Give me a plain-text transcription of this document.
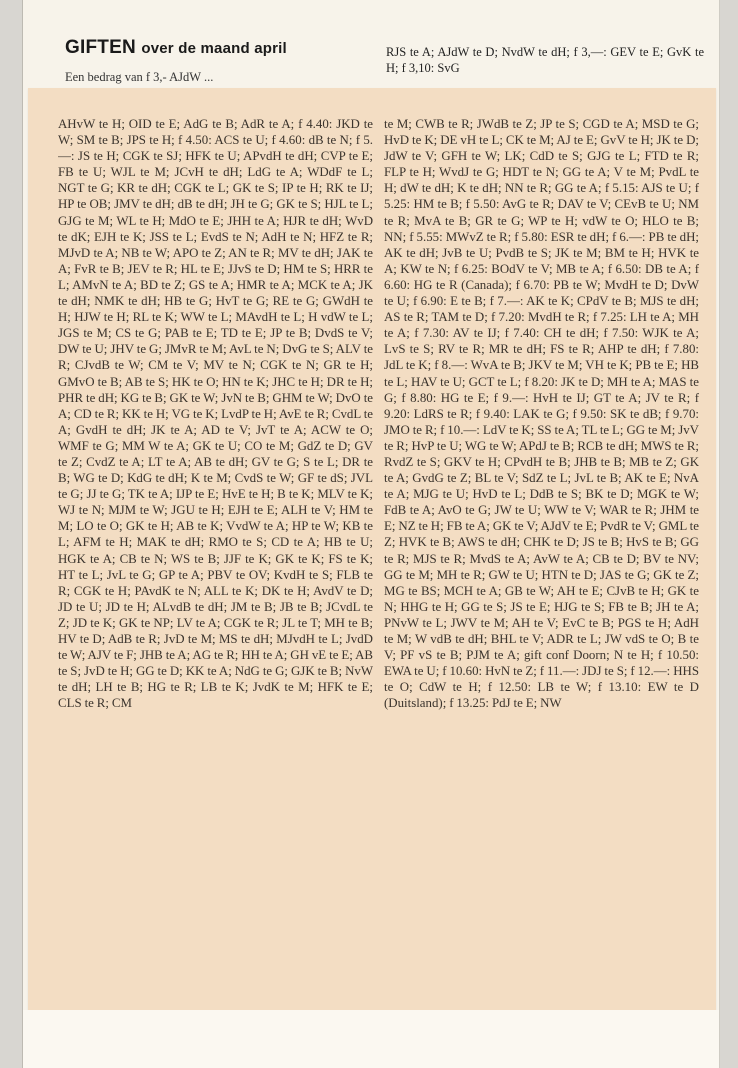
GIFTEN over de maand april
Een bedrag van f 3,- AJdW ...
RJS te A; AJdW te D; NvdW te dH; f 3,—: GEV te E; GvK te H; f 3,10: SvG

AHvW te H; OID te E; AdG te B; AdR te A; f 4.40: JKD te W; SM te B; JPS te H; f 4.50: ACS te U; f 4.60: dB te N; f 5.—: JS te H; CGK te SJ; HFK te U; APvdH te dH; CVP te E; FB te U; WJL te M; JCvH te dH; LdG te A; WDdF te L; NGT te G; KR te dH; CGK te L; GK te S; IP te H; RK te IJ; HP te OB; JMV te dH; dB te dH; JH te G; GK te S; HJL te L; GJG te M; WL te H; MdO te E; JHH te A; HJR te dH; WvD te dK; EJH te K; JSS te L; EvdS te N; AdH te N; HFZ te R; MJvD te A; NB te W; APO te Z; AN te R; MV te dH; JAK te A; FvR te B; JEV te R; HL te E; JJvS te D; HM te S; HRR te L; AMvN te A; BD te Z; GS te A; HMR te A; MCK te A; JK te dH; NMK te dH; HB te G; HvT te G; RE te G; GWdH te H; HJW te H; RL te K; WW te L; MAvdH te L; H vdW te L; JGS te M; CS te G; PAB te E; TD te E; JP te B; DvdS te V; DW te U; JHV te G; JMvR te M; AvL te N; DvG te S; ALV te R; CJvdB te W; CM te V; MV te N; CGK te N; GR te H; GMvO te B; AB te S; HK te O; HN te K; JHC te H; DR te H; PHR te dH; KG te B; GK te W; JvN te B; GHM te W; DvO te A; CD te R; KK te H; VG te K; LvdP te H; AvE te R; CvdL te A; GvdH te dH; JK te A; AD te V; JvT te A; ACW te O; WMF te G; MM W te A; GK te U; CO te M; GdZ te D; GV te Z; CvdZ te A; LT te A; AB te dH; GV te G; S te L; DR te B; WG te D; KdG te dH; K te M; CvdS te W; GF te dS; JVL te G; JJ te G; TK te A; IJP te E; HvE te H; B te K; MLV te K; WJ te N; MJM te W; JGU te H; EJH te E; ALH te V; HM te M; LO te O; GK te H; AB te K; VvdW te A; HP te W; KB te L; AFM te H; MAK te dH; RMO te S; CD te A; HB te U; HGK te A; CB te N; WS te B; JJF te K; GK te K; FS te K; HT te L; JvL te G; GP te A; PBV te OV; KvdH te S; FLB te R; CGK te H; PAvdK te N; ALL te K; DK te H; AvdV te D; JD te U; JD te H; ALvdB te dH; JM te B; JB te B; JCvdL te Z; JD te K; GK te NP; LV te A; CGK te R; JL te T; MH te B; HV te D; AdB te R; JvD te M; MS te dH; MJvdH te L; JvdD te W; AJV te F; JHB te A; AG te R; HH te A; GH vE te E; AB te S; JvD te H; GG te D; KK te A; NdG te G; GJK te B; NvW te dH; LH te B; HG te R; LB te K; JvdK te M; HFK te E; CLS te R; CM

te M; CWB te R; JWdB te Z; JP te S; CGD te A; MSD te G; HvD te K; DE vH te L; CK te M; AJ te E; GvV te H; JK te D; JdW te V; GFH te W; LK; CdD te S; GJG te L; FTD te R; FLP te H; WvdJ te G; HDT te N; GG te A; V te M; PvdL te H; dW te dH; K te dH; NN te R; GG te A; f 5.15: AJS te U; f 5.25: HM te B; f 5.50: AvG te R; DAV te V; CEvB te U; NM te R; MvA te B; GR te G; WP te H; vdW te O; HLO te B; NN; f 5.55: MWvZ te R; f 5.80: ESR te dH; f 6.—: PB te dH; AK te dH; JvB te U; PvdB te S; JK te M; BM te H; HVK te A; KW te N; f 6.25: BOdV te V; MB te A; f 6.50: DB te A; f 6.60: HG te R (Canada); f 6.70: PB te W; MvdH te D; DvW te U; f 6.90: E te B; f 7.—: AK te K; CPdV te B; MJS te dH; AS te R; TAM te D; f 7.20: MvdH te R; f 7.25: LH te A; MH te A; f 7.30: AV te IJ; f 7.40: CH te dH; f 7.50: WJK te A; LvS te S; RV te R; MR te dH; FS te R; AHP te dH; f 7.80: JdL te K; f 8.—: WvA te B; JKV te M; VH te K; PB te E; HB te L; HAV te U; GCT te L; f 8.20: JK te D; MH te A; MAS te G; f 8.80: HG te E; f 9.—: HvH te IJ; GT te A; JV te R; f 9.20: LdRS te R; f 9.40: LAK te G; f 9.50: SK te dB; f 9.70: JMO te R; f 10.—: LdV te K; SS te A; TL te L; GG te M; JvV te R; HvP te U; WG te W; APdJ te B; RCB te dH; MWS te R; RvdZ te S; GKV te H; CPvdH te B; JHB te B; MB te Z; GK te A; GvdG te Z; BL te V; SdZ te L; JvL te B; AK te E; NvA te A; MJG te U; HvD te L; DdB te S; BK te D; MGK te W; FdB te A; AvO te G; JW te U; WW te V; WAR te R; JHM te E; NZ te H; FB te A; GK te V; AJdV te E; PvdR te V; GML te Z; HVK te B; AWS te dH; CHK te D; JS te B; HvS te B; GG te R; MJS te R; MvdS te A; AvW te A; CB te D; BV te NV; GG te M; MH te R; GW te U; HTN te D; JAS te G; GK te Z; MG te BS; MCH te A; GB te W; AH te E; CJvB te H; GK te N; HHG te H; GG te S; JS te E; HJG te S; FB te B; JH te A; PNvW te L; JWV te M; AH te V; EvC te B; PGS te H; AdH te M; W vdB te dH; BHL te V; ADR te L; JW vdS te O; B te V; PF vS te B; PJM te A; gift conf Doorn; N te H; f 10.50: EWA te U; f 10.60: HvN te Z; f 11.—: JDJ te S; f 12.—: HHS te O; CdW te H; f 12.50: LB te W; f 13.10: EW te D (Duitsland); f 13.25: PdJ te E; NW
